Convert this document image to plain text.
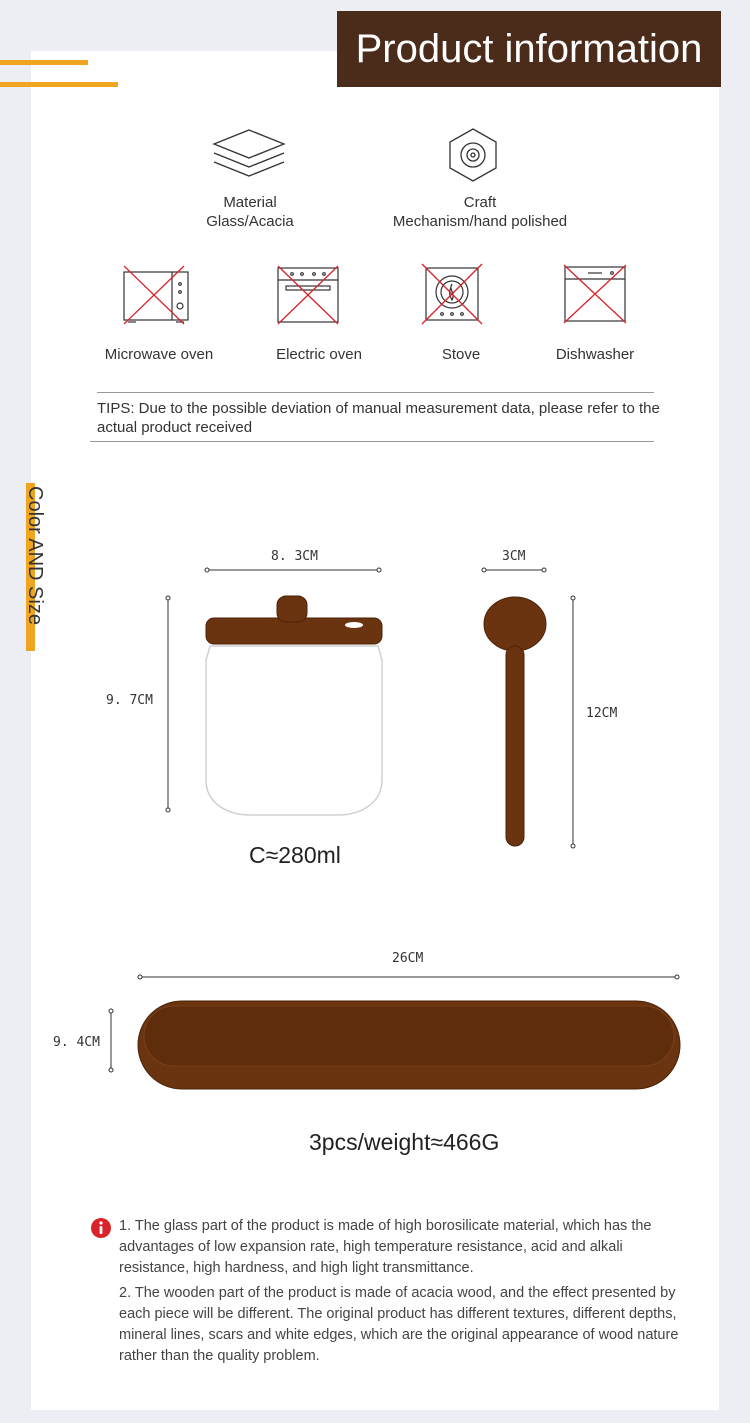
Product information
Material
Glass/Acacia
Craft
Mechanism/hand polished
Microwave oven	Electric oven	Stove	Dishwasher
TIPS: Due to the possible deviation of manual measurement data, please refer to the actual product received
Color AND Size	8. 3CM
9. 7CM
3CM
12CM
C≈280ml
26CM
9. 4CM
3pcs/weight≈466G

1. The glass part of the product is made of high borosilicate material, which has the advantages of low expansion rate, high temperature resistance, acid and alkali resistance, high hardness, and high light transmittance.

2. The wooden part of the product is made of acacia wood, and the effect presented by each piece will be different. The original product has different textures, different depths, mineral lines, scars and white edges, which are the original appearance of wood nature rather than the quality problem.
